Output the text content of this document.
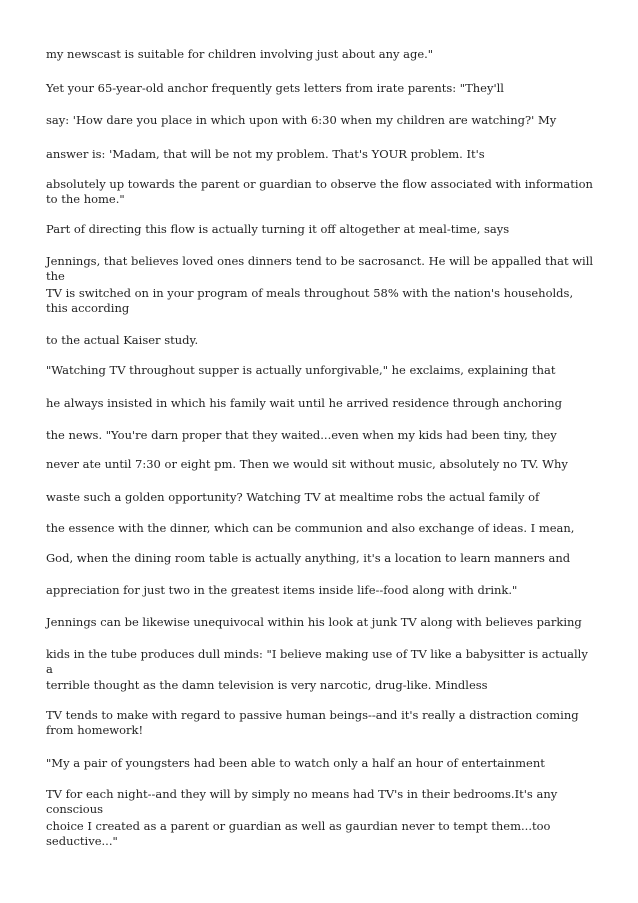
my newscast is suitable for children involving just about any age."

Yet your 65-year-old anchor frequently gets letters from irate parents: "They'll

say: 'How dare you place in which upon with 6:30 when my children are watching?' My

answer is: 'Madam, that will be not my problem. That's YOUR problem. It's

absolutely up towards the parent or guardian to observe the flow associated with information to the home."

Part of directing this flow is actually turning it off altogether at meal-time, says

Jennings, that believes loved ones dinners tend to be sacrosanct. He will be appalled that will the

TV is switched on in your program of meals throughout 58% with the nation's households, this according

to the actual Kaiser study.

"Watching TV throughout supper is actually unforgivable," he exclaims, explaining that

he always insisted in which his family wait until he arrived residence through anchoring

the news. "You're darn proper that they waited...even when my kids had been tiny, they

never ate until 7:30 or eight pm. Then we would sit without music, absolutely no TV. Why

waste such a golden opportunity? Watching TV at mealtime robs the actual family of

the essence with the dinner, which can be communion and also exchange of ideas. I mean,

God, when the dining room table is actually anything, it's a location to learn manners and

appreciation for just two in the greatest items inside life--food along with drink."

Jennings can be likewise unequivocal within his look at junk TV along with believes parking

kids in the tube produces dull minds: "I believe making use of TV like a babysitter is actually a

terrible thought as the damn television is very narcotic, drug-like. Mindless

TV tends to make with regard to passive human beings--and it's really a distraction coming from homework!

"My a pair of youngsters had been able to watch only a half an hour of entertainment

TV for each night--and they will by simply no means had TV's in their bedrooms.It's any conscious

choice I created as a parent or guardian as well as gaurdian never to tempt them...too seductive..."
